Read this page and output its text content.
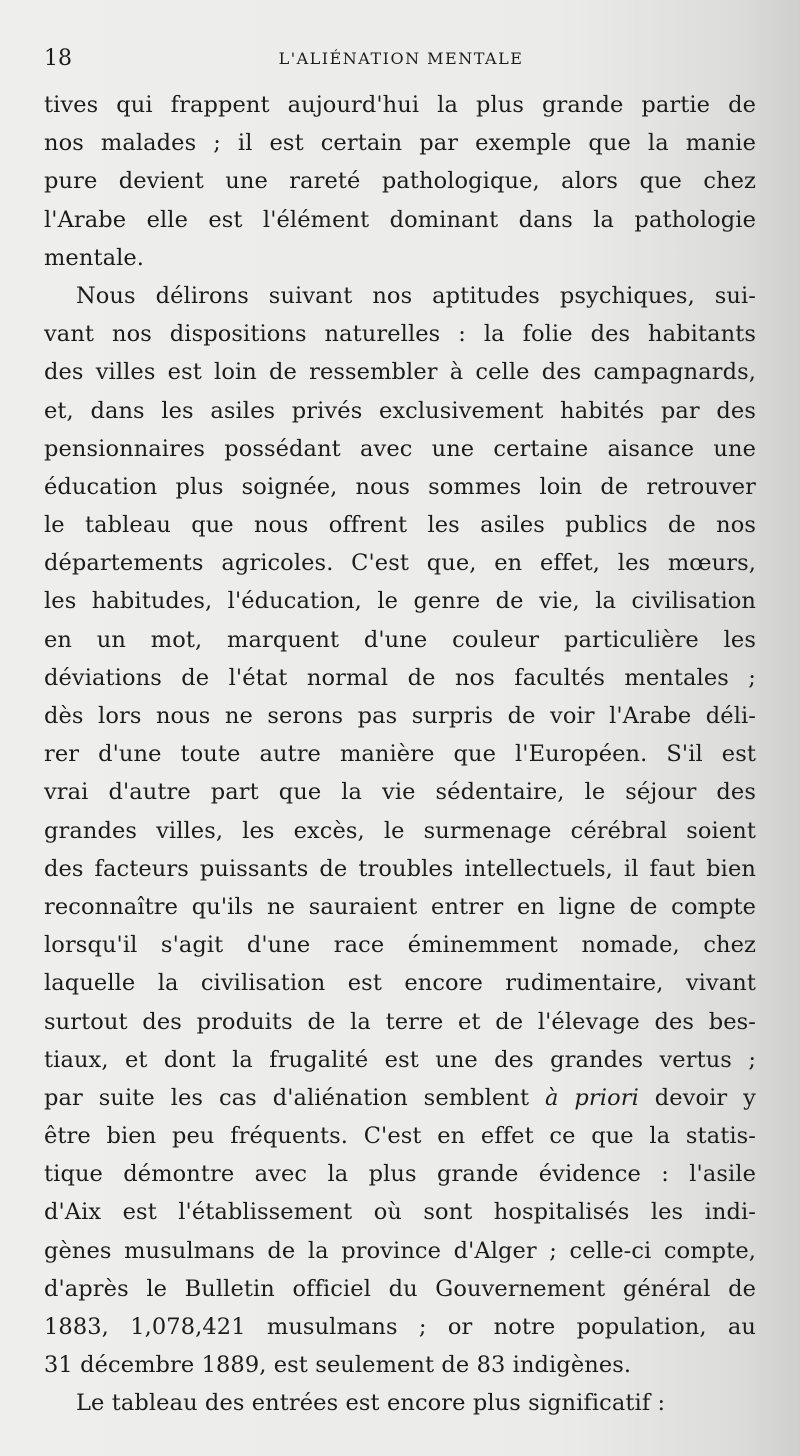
18	L'ALIÉNATION MENTALE
tives qui frappent aujourd'hui la plus grande partie de
nos malades ; il est certain par exemple que la manie
pure devient une rareté pathologique, alors que chez
l'Arabe elle est l'élément dominant dans la pathologie
mentale.
Nous délirons suivant nos aptitudes psychiques, sui-
vant nos dispositions naturelles : la folie des habitants
des villes est loin de ressembler à celle des campagnards,
et, dans les asiles privés exclusivement habités par des
pensionnaires possédant avec une certaine aisance une
éducation plus soignée, nous sommes loin de retrouver
le tableau que nous offrent les asiles publics de nos
départements agricoles. C'est que, en effet, les mœurs,
les habitudes, l'éducation, le genre de vie, la civilisation
en un mot, marquent d'une couleur particulière les
déviations de l'état normal de nos facultés mentales ;
dès lors nous ne serons pas surpris de voir l'Arabe déli-
rer d'une toute autre manière que l'Européen. S'il est
vrai d'autre part que la vie sédentaire, le séjour des
grandes villes, les excès, le surmenage cérébral soient
des facteurs puissants de troubles intellectuels, il faut bien
reconnaître qu'ils ne sauraient entrer en ligne de compte
lorsqu'il s'agit d'une race éminemment nomade, chez
laquelle la civilisation est encore rudimentaire, vivant
surtout des produits de la terre et de l'élevage des bes-
tiaux, et dont la frugalité est une des grandes vertus ;
par suite les cas d'aliénation semblent à priori devoir y
être bien peu fréquents. C'est en effet ce que la statis-
tique démontre avec la plus grande évidence : l'asile
d'Aix est l'établissement où sont hospitalisés les indi-
gènes musulmans de la province d'Alger ; celle-ci compte,
d'après le Bulletin officiel du Gouvernement général de
1883, 1,078,421 musulmans ; or notre population, au
31 décembre 1889, est seulement de 83 indigènes.
Le tableau des entrées est encore plus significatif :
